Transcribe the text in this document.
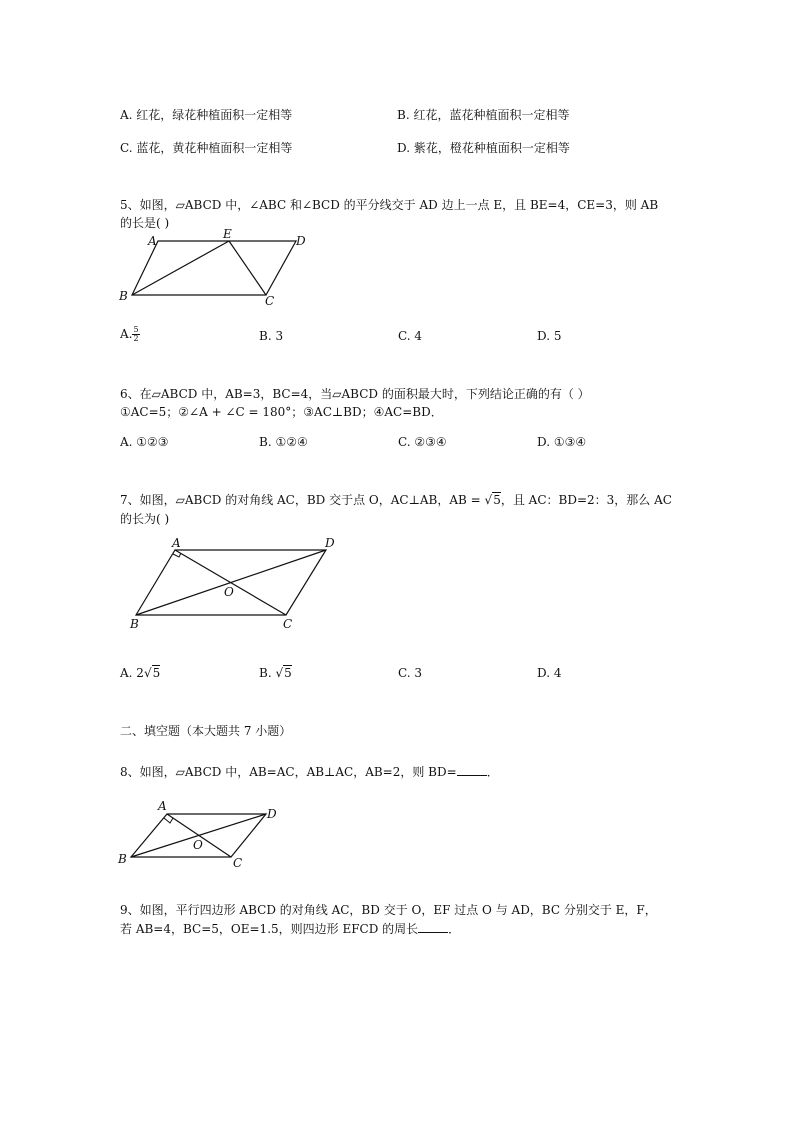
A. 红花，绿花种植面积一定相等	B. 红花，蓝花种植面积一定相等
C. 蓝花，黄花种植面积一定相等	D. 紫花，橙花种植面积一定相等
5、如图，▱ABCD 中，∠ABC 和∠BCD 的平分线交于 AD 边上一点 E，且 BE=4，CE=3，则 AB
的长是( )
A	E	D
B	C
A. $\frac{5}{2}$	B. 3	C. 4	D. 5
6、在▱ABCD 中，AB=3，BC=4，当▱ABCD 的面积最大时，下列结论正确的有（ ）
①AC=5；②∠A + ∠C = 180°；③AC⊥BD；④AC=BD．
A. ①②③	B. ①②④	C. ②③④	D. ①③④
7、如图，▱ABCD 的对角线 AC，BD 交于点 O，AC⊥AB，AB = √5，且 AC：BD=2：3，那么 AC
的长为( )
A	D
O
B	C
A. 2√5	B. √5	C. 3	D. 4
二、填空题（本大题共 7 小题）
8、如图，▱ABCD 中，AB=AC，AB⊥AC，AB=2，则 BD=	．
A
D
O
B	C
9、如图，平行四边形 ABCD 的对角线 AC，BD 交于 O，EF 过点 O 与 AD，BC 分别交于 E，F，
若 AB=4，BC=5，OE=1.5，则四边形 EFCD 的周长	．
